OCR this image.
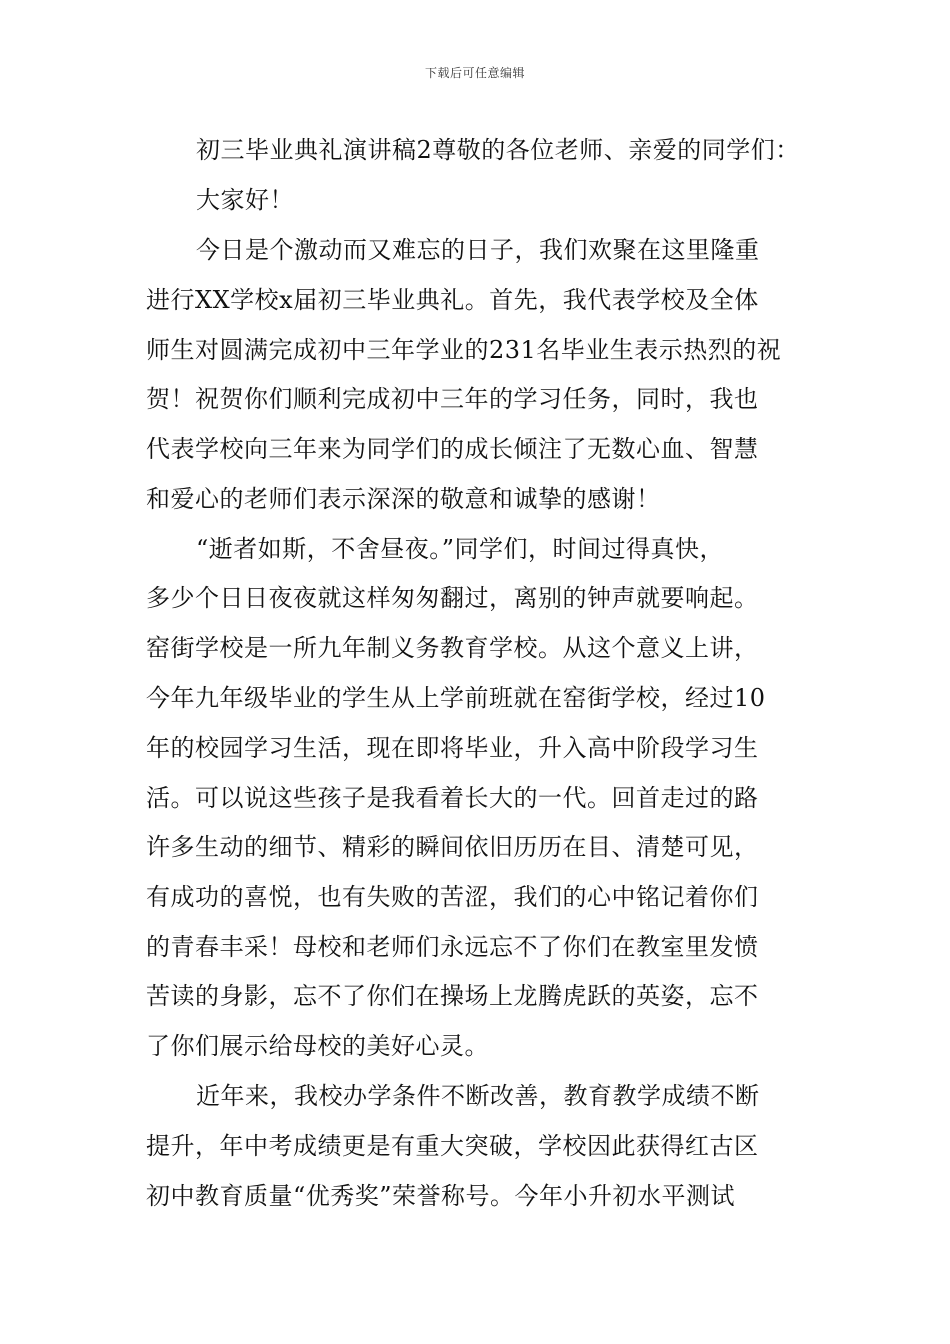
下载后可任意编辑
初三毕业典礼演讲稿2尊敬的各位老师、亲爱的同学们：
大家好！
今日是个激动而又难忘的日子，我们欢聚在这里隆重
进行XX学校x届初三毕业典礼。首先，我代表学校及全体
师生对圆满完成初中三年学业的231名毕业生表示热烈的祝
贺！祝贺你们顺利完成初中三年的学习任务，同时，我也
代表学校向三年来为同学们的成长倾注了无数心血、智慧
和爱心的老师们表示深深的敬意和诚挚的感谢！
“逝者如斯，不舍昼夜。”同学们，时间过得真快，
多少个日日夜夜就这样匆匆翻过，离别的钟声就要响起。
窑街学校是一所九年制义务教育学校。从这个意义上讲，
今年九年级毕业的学生从上学前班就在窑街学校，经过10
年的校园学习生活，现在即将毕业，升入高中阶段学习生
活。可以说这些孩子是我看着长大的一代。回首走过的路
许多生动的细节、精彩的瞬间依旧历历在目、清楚可见，
有成功的喜悦，也有失败的苦涩，我们的心中铭记着你们
的青春丰采！母校和老师们永远忘不了你们在教室里发愤
苦读的身影，忘不了你们在操场上龙腾虎跃的英姿，忘不
了你们展示给母校的美好心灵。
近年来，我校办学条件不断改善，教育教学成绩不断
提升，年中考成绩更是有重大突破，学校因此获得红古区
初中教育质量“优秀奖”荣誉称号。今年小升初水平测试
